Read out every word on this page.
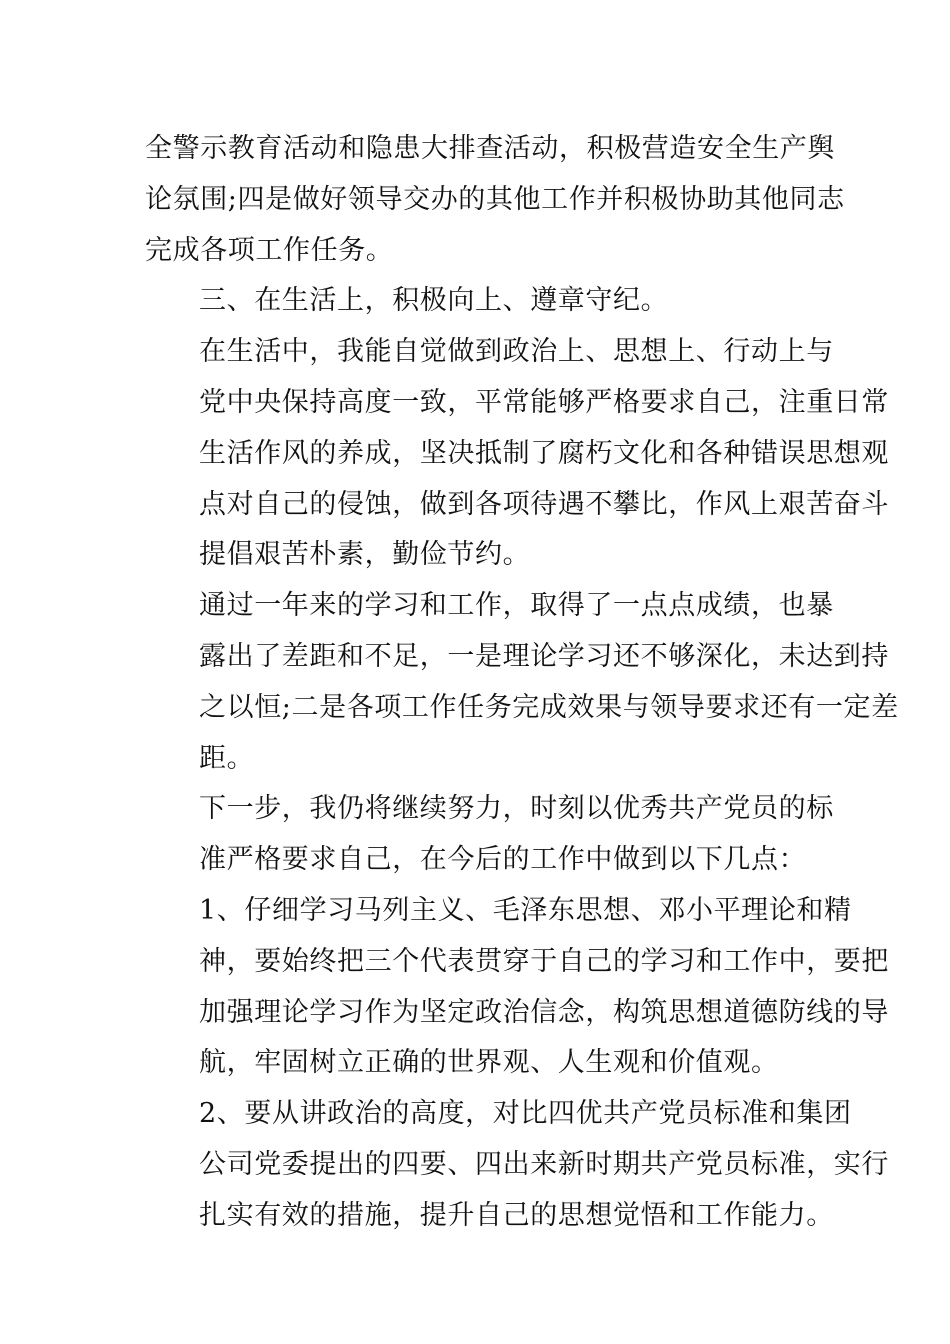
全警示教育活动和隐患大排查活动，积极营造安全生产舆
论氛围;四是做好领导交办的其他工作并积极协助其他同志
完成各项工作任务。
三、在生活上，积极向上、遵章守纪。
在生活中，我能自觉做到政治上、思想上、行动上与
党中央保持高度一致，平常能够严格要求自己，注重日常
生活作风的养成，坚决抵制了腐朽文化和各种错误思想观
点对自己的侵蚀，做到各项待遇不攀比，作风上艰苦奋斗
提倡艰苦朴素，勤俭节约。
通过一年来的学习和工作，取得了一点点成绩，也暴
露出了差距和不足，一是理论学习还不够深化，未达到持
之以恒;二是各项工作任务完成效果与领导要求还有一定差
距。
下一步，我仍将继续努力，时刻以优秀共产党员的标
准严格要求自己，在今后的工作中做到以下几点：
1、仔细学习马列主义、毛泽东思想、邓小平理论和精
神，要始终把三个代表贯穿于自己的学习和工作中，要把
加强理论学习作为坚定政治信念，构筑思想道德防线的导
航，牢固树立正确的世界观、人生观和价值观。
2、要从讲政治的高度，对比四优共产党员标准和集团
公司党委提出的四要、四出来新时期共产党员标准，实行
扎实有效的措施，提升自己的思想觉悟和工作能力。
